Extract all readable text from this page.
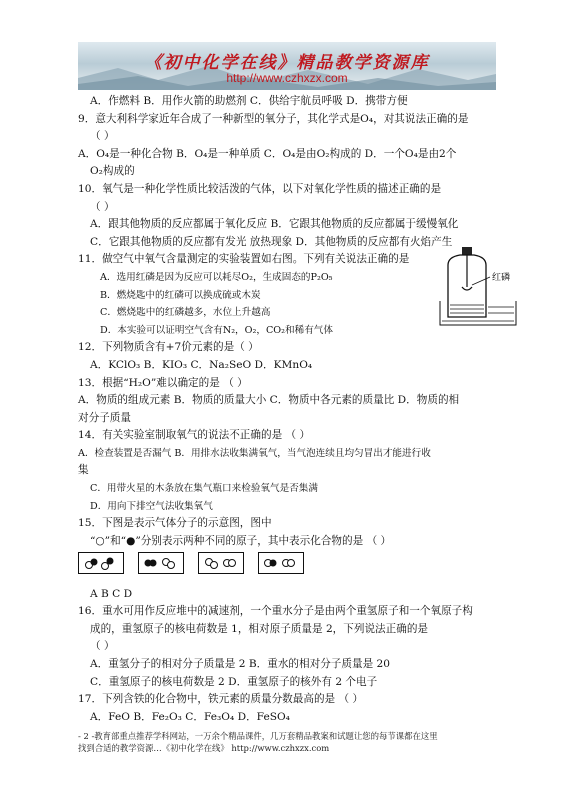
《初中化学在线》精品教学资源库
http://www.czhxzx.com
A．作燃料 B．用作火箭的助燃剂 C．供给宇航员呼吸 D．携带方便
9．意大利科学家近年合成了一种新型的氧分子，其化学式是O₄，对其说法正确的是
（ ）
A．O₄是一种化合物 B．O₄是一种单质 C．O₄是由O₂构成的 D．一个O₄是由2个
O₂构成的
10．氧气是一种化学性质比较活泼的气体，以下对氧化学性质的描述正确的是
（ ）
A．跟其他物质的反应都属于氧化反应 B．它跟其他物质的反应都属于缓慢氧化
C．它跟其他物质的反应都有发光 放热现象 D．其他物质的反应都有火焰产生
11．做空气中氧气含量测定的实验装置如右图。下列有关说法正确的是
A．选用红磷是因为反应可以耗尽O₂，生成固态的P₂O₅
B．燃烧匙中的红磷可以换成硫或木炭
C．燃烧匙中的红磷越多，水位上升越高
D．本实验可以证明空气含有N₂，O₂，CO₂和稀有气体
12．下列物质含有+7价元素的是（ ）
A．KClO₃ B．KIO₃ C．Na₂SeO D．KMnO₄
13．根据“H₂O”难以确定的是 （ ）
A．物质的组成元素 B．物质的质量大小 C．物质中各元素的质量比 D．物质的相
对分子质量
14．有关实验室制取氧气的说法不正确的是 （ ）
A．检查装置是否漏气 B．用排水法收集满氧气，当气泡连续且均匀冒出才能进行收
集
C．用带火星的木条放在集气瓶口来检验氧气是否集满
D．用向下排空气法收集氧气
15．下图是表示气体分子的示意图，图中
“○”和“●”分别表示两种不同的原子，其中表示化合物的是 （ ）
A B C D
16．重水可用作反应堆中的减速剂，一个重水分子是由两个重氢原子和一个氧原子构
成的，重氢原子的核电荷数是 1，相对原子质量是 2，下列说法正确的是
（ ）
A．重氢分子的相对分子质量是 2 B．重水的相对分子质量是 20
C．重氢原子的核电荷数是 2 D．重氢原子的核外有 2 个电子
17．下列含铁的化合物中，铁元素的质量分数最高的是 （ ）
A．FeO B．Fe₂O₃ C．Fe₃O₄ D．FeSO₄
红磷
- 2 -教育部重点推荐学科网站，一万余个精品课件，几万套精品教案和试题让您的每节课都在这里
找到合适的教学资源…《初中化学在线》 http://www.czhxzx.com
